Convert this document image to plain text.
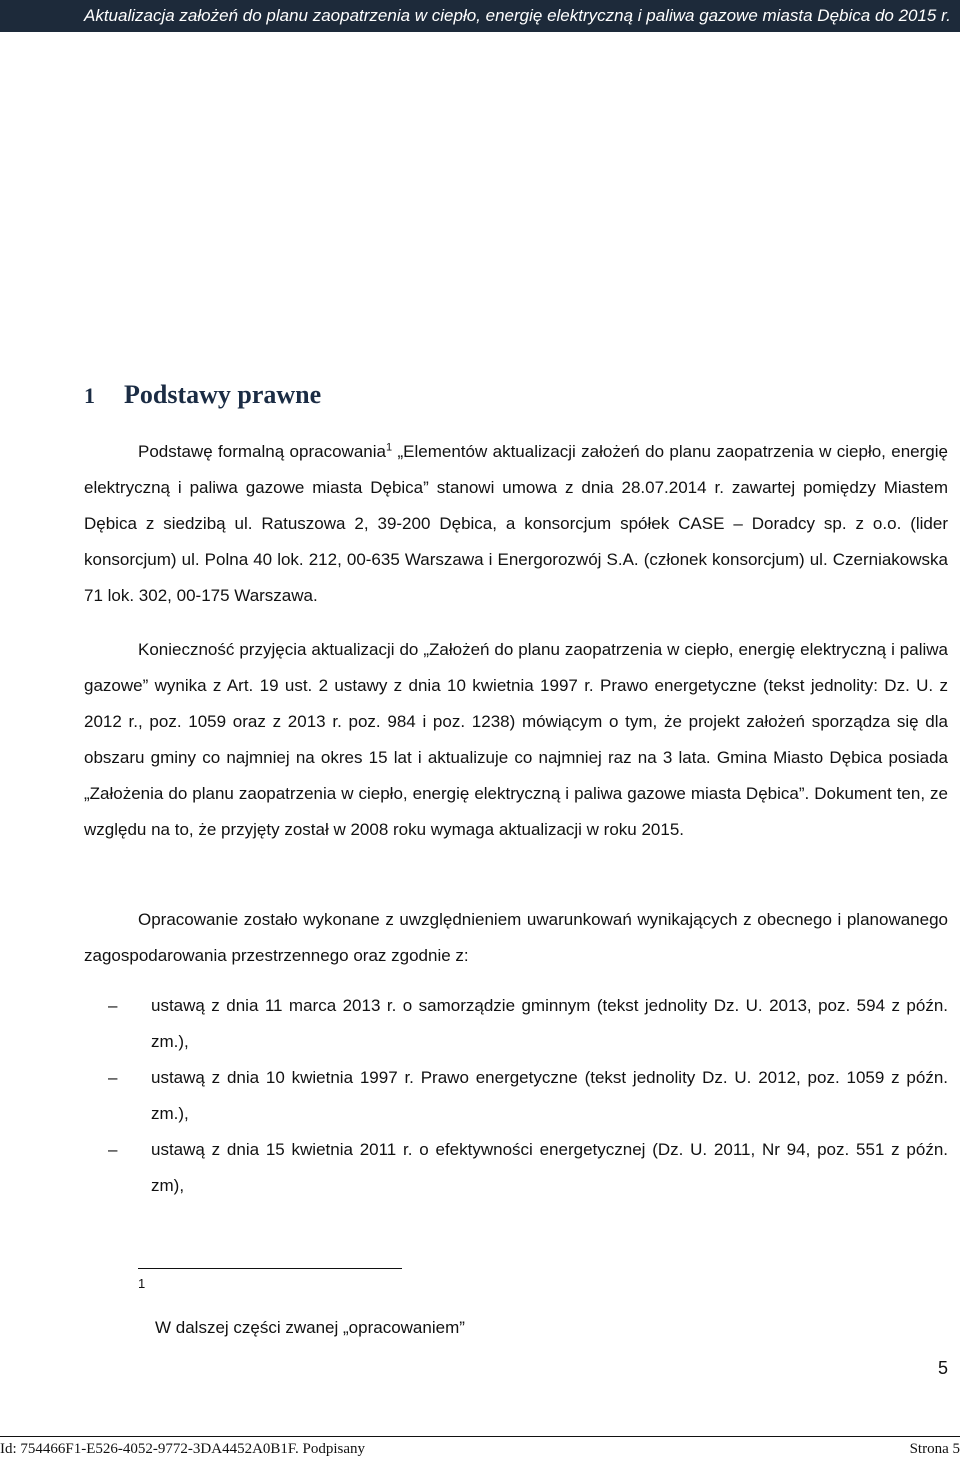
Aktualizacja założeń do planu zaopatrzenia w ciepło, energię elektryczną i paliwa gazowe miasta Dębica do 2015 r.
1 Podstawy prawne

Podstawę formalną opracowania$^1$ „Elementów aktualizacji założeń do planu zaopatrzenia w ciepło, energię elektryczną i paliwa gazowe miasta Dębica” stanowi umowa z dnia 28.07.2014 r. zawartej pomiędzy Miastem Dębica z siedzibą ul. Ratuszowa 2, 39-200 Dębica, a konsorcjum spółek CASE – Doradcy sp. z o.o. (lider konsorcjum) ul. Polna 40 lok. 212, 00-635 Warszawa i Energorozwój S.A. (członek konsorcjum) ul. Czerniakowska 71 lok. 302, 00-175 Warszawa.

Konieczność przyjęcia aktualizacji do „Założeń do planu zaopatrzenia w ciepło, energię elektryczną i paliwa gazowe” wynika z Art. 19 ust. 2 ustawy z dnia 10 kwietnia 1997 r. Prawo energetyczne (tekst jednolity: Dz. U. z 2012 r., poz. 1059 oraz z 2013 r. poz. 984 i poz. 1238) mówiącym o tym, że projekt założeń sporządza się dla obszaru gminy co najmniej na okres 15 lat i aktualizuje co najmniej raz na 3 lata. Gmina Miasto Dębica posiada „Założenia do planu zaopatrzenia w ciepło, energię elektryczną i paliwa gazowe miasta Dębica”. Dokument ten, ze względu na to, że przyjęty został w 2008 roku wymaga aktualizacji w roku 2015.

Opracowanie zostało wykonane z uwzględnieniem uwarunkowań wynikających z obecnego i planowanego zagospodarowania przestrzennego oraz zgodnie z:

– ustawą z dnia 11 marca 2013 r. o samorządzie gminnym (tekst jednolity Dz. U. 2013, poz. 594 z późn. zm.),
– ustawą z dnia 10 kwietnia 1997 r. Prawo energetyczne (tekst jednolity Dz. U. 2012, poz. 1059 z późn. zm.),
– ustawą z dnia 15 kwietnia 2011 r. o efektywności energetycznej (Dz. U. 2011, Nr 94, poz. 551 z późn. zm),
1
W dalszej części zwanej „opracowaniem”
5
Id: 754466F1-E526-4052-9772-3DA4452A0B1F. Podpisany	Strona 5
